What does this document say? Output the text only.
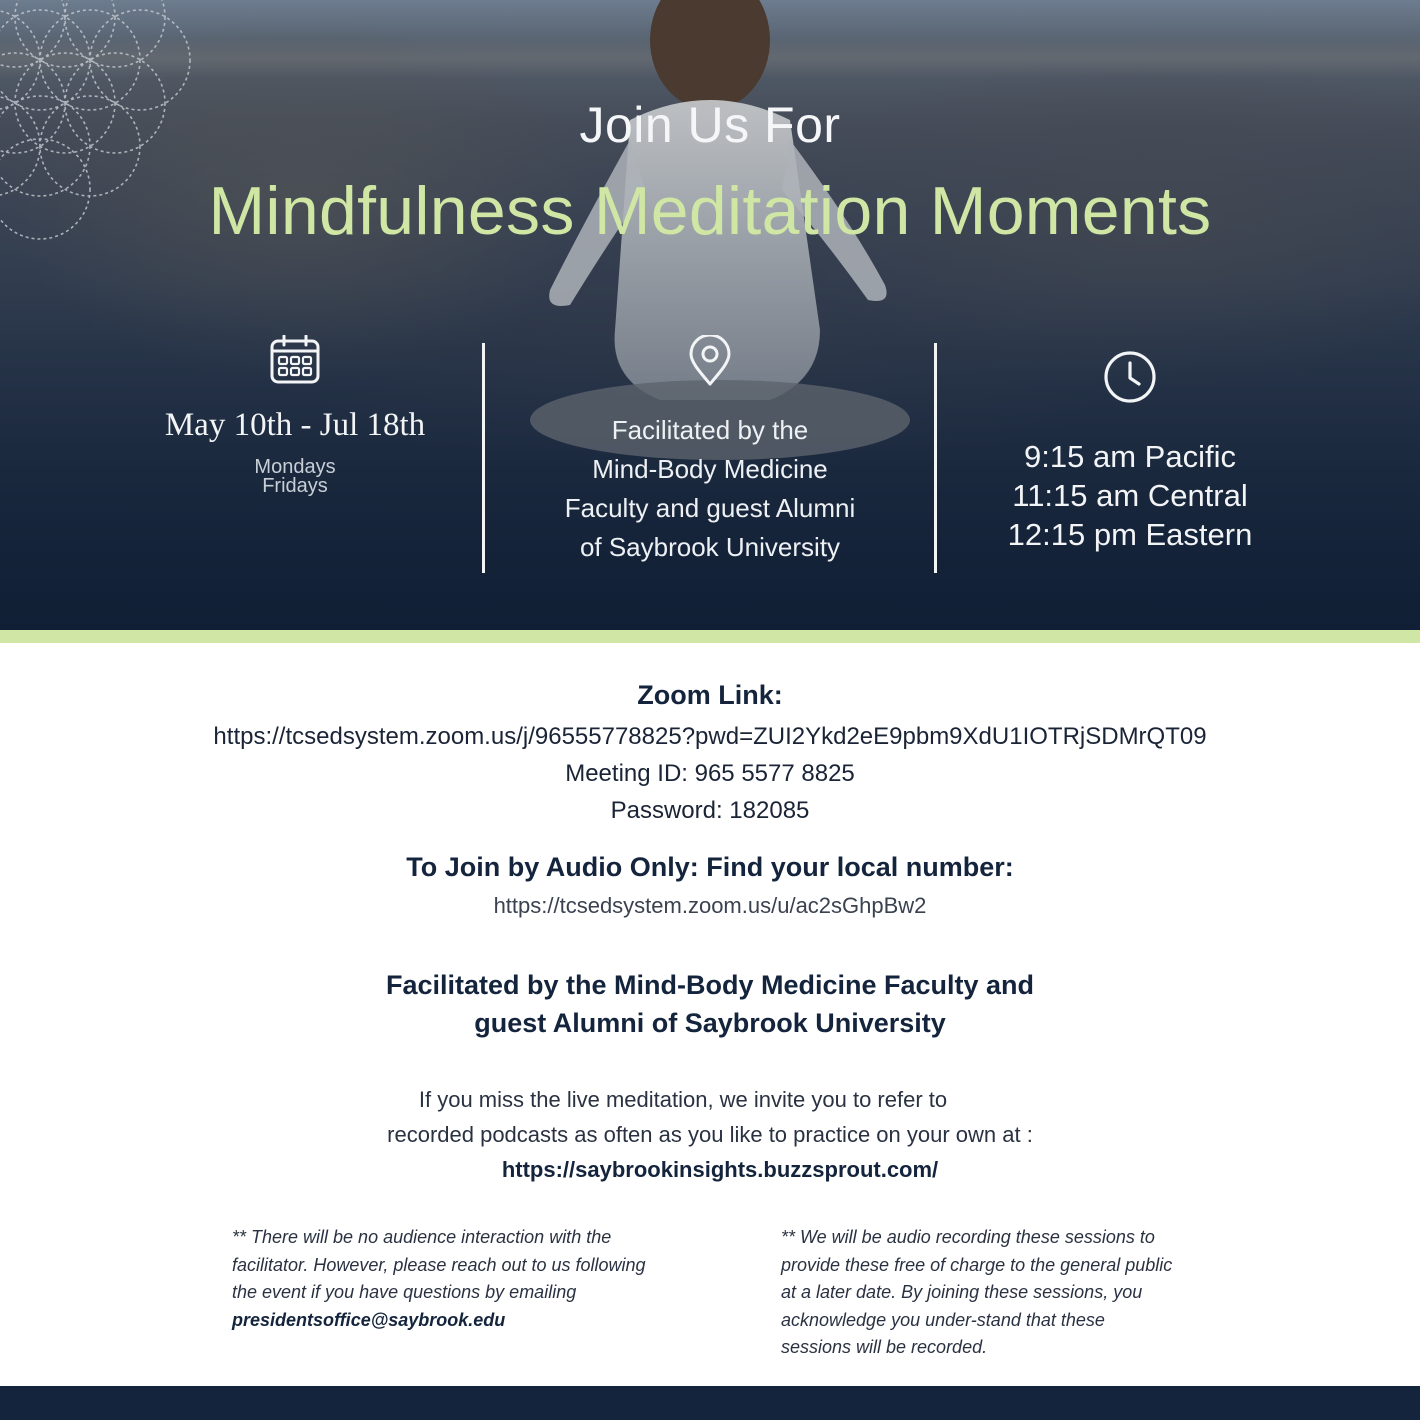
Join Us For
Mindfulness Meditation Moments
May 10th - Jul 18th
Mondays
Fridays
Facilitated by the
Mind-Body Medicine
Faculty and guest Alumni
of Saybrook University
9:15 am Pacific
11:15 am Central
12:15 pm Eastern
Zoom Link:
https://tcsedsystem.zoom.us/j/96555778825?pwd=ZUI2Ykd2eE9pbm9XdU1IOTRjSDMrQT09
Meeting ID: 965 5577 8825
Password: 182085
To Join by Audio Only: Find your local number:
https://tcsedsystem.zoom.us/u/ac2sGhpBw2
Facilitated by the Mind-Body Medicine Faculty and
guest Alumni of Saybrook University
If you miss the live meditation, we invite you to refer to
recorded podcasts as often as you like to practice on your own at :
https://saybrookinsights.buzzsprout.com/
** There will be no audience interaction with the
facilitator. However, please reach out to us following
the event if you have questions by emailing
presidentsoffice@saybrook.edu
** We will be audio recording these sessions to
provide these free of charge to the general public
at a later date. By joining these sessions, you
acknowledge you under-stand that these
sessions will be recorded.
